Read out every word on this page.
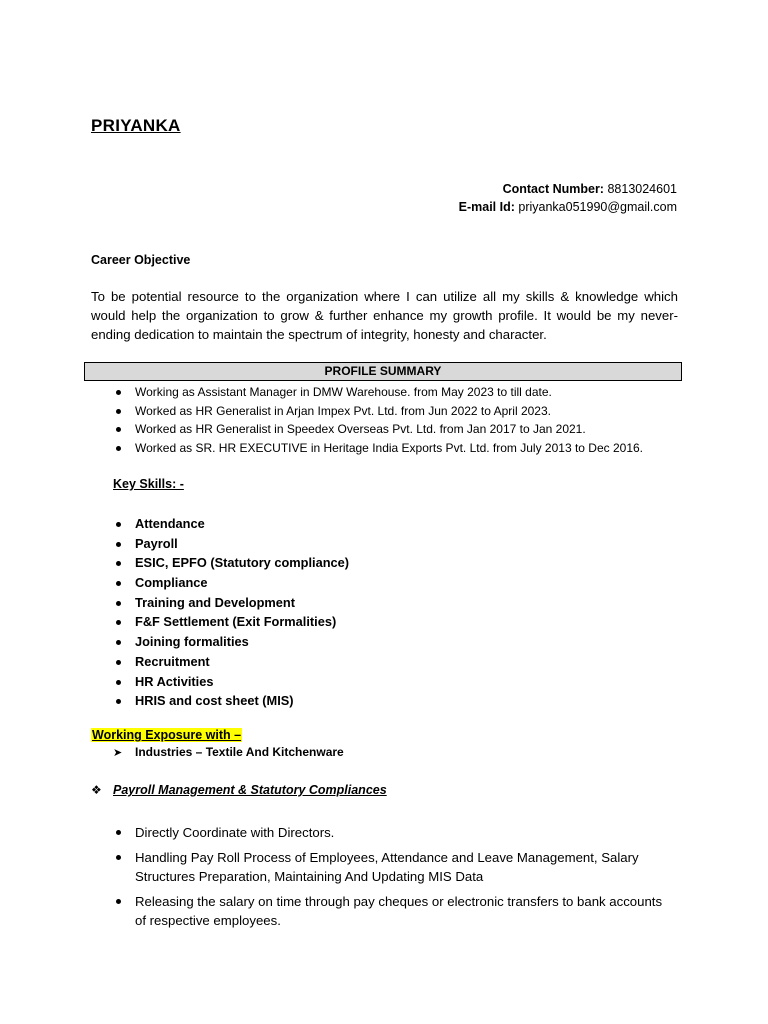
PRIYANKA
Contact Number: 8813024601
E-mail Id: priyanka051990@gmail.com
Career Objective
To be potential resource to the organization where I can utilize all my skills & knowledge which would help the organization to grow & further enhance my growth profile. It would be my never-ending dedication to maintain the spectrum of integrity, honesty and character.
PROFILE SUMMARY
Working as Assistant Manager in DMW Warehouse. from May 2023 to till date.
Worked as HR Generalist in Arjan Impex Pvt. Ltd. from Jun 2022 to April 2023.
Worked as HR Generalist in Speedex Overseas Pvt. Ltd. from Jan 2017 to Jan 2021.
Worked as SR. HR EXECUTIVE in Heritage India Exports Pvt. Ltd. from July 2013 to Dec 2016.
Key Skills: -
Attendance
Payroll
ESIC, EPFO (Statutory compliance)
Compliance
Training and Development
F&F Settlement (Exit Formalities)
Joining formalities
Recruitment
HR Activities
HRIS and cost sheet (MIS)
Working Exposure with –
➤ Industries – Textile And Kitchenware
❖ Payroll Management & Statutory Compliances
Directly Coordinate with Directors.
Handling Pay Roll Process of Employees, Attendance and Leave Management, Salary Structures Preparation, Maintaining And Updating MIS Data
Releasing the salary on time through pay cheques or electronic transfers to bank accounts of respective employees.
